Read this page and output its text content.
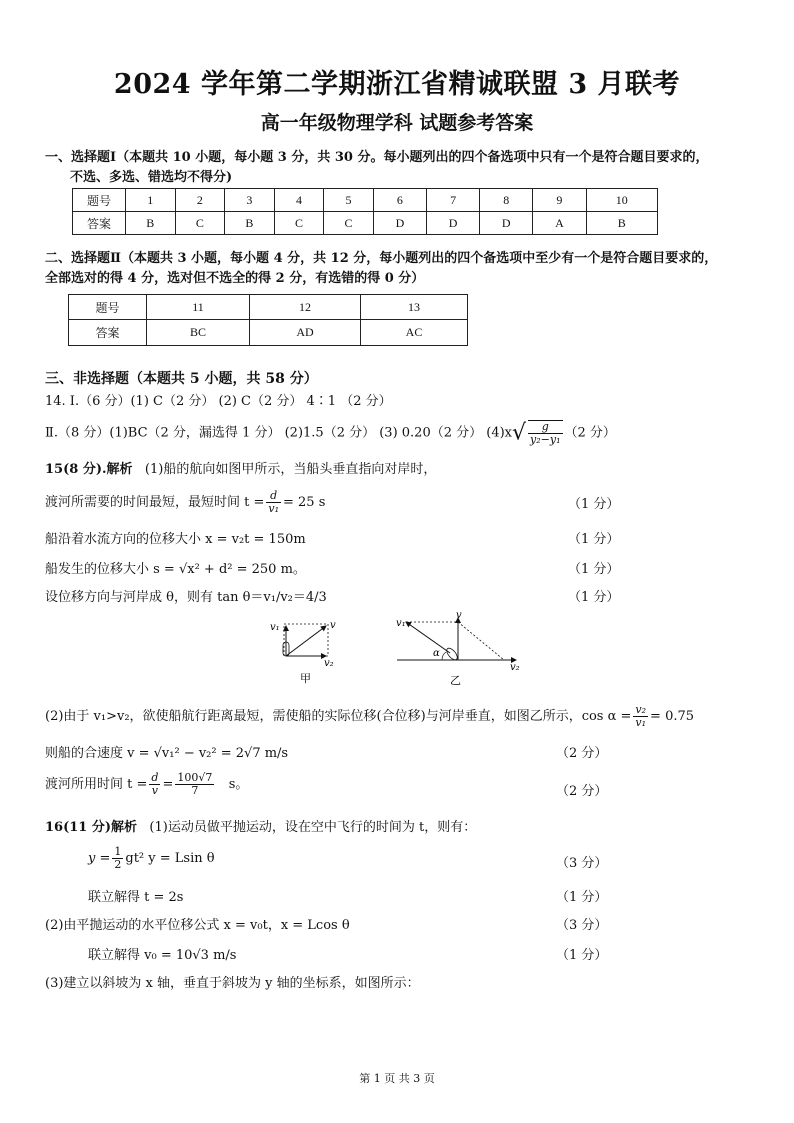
2024 学年第二学期浙江省精诚联盟 3 月联考
高一年级物理学科 试题参考答案
一、选择题Ⅰ（本题共 10 小题，每小题 3 分，共 30 分。每小题列出的四个备选项中只有一个是符合题目要求的，
不选、多选、错选均不得分)
题号	1	2	3	4	5	6	7	8	9	10
答案	B	C	B	C	C	D	D	D	A	B
二、选择题Ⅱ（本题共 3 小题，每小题 4 分，共 12 分，每小题列出的四个备选项中至少有一个是符合题目要求的，
全部选对的得 4 分，选对但不选全的得 2 分，有选错的得 0 分）
题号	11	12	13
答案	BC	AD	AC
三、非选择题（本题共 5 小题，共 58 分）
14. Ⅰ.（6 分）(1) C（2 分） (2) C（2 分） 4∶1 （2 分）
Ⅱ.（8 分）(1)BC（2 分，漏选得 1 分） (2)1.5（2 分） (3) 0.20（2 分） $(4)x√ \frac{g}{\text{y₂−y₁}} (2$ 分）
15(8 分).解析 (1)船的航向如图甲所示，当船头垂直指向对岸时，
渡河所需要的时间最短，最短时间 $t = \frac{d}{\text{v₁}} = 25$ s	（1 分）
船沿着水流方向的位移大小 x = v₂t = 150m	（1 分）
船发生的位移大小 s = √x² + d² = 250 m。	（1 分）
设位移方向与河岸成 θ，则有 tan θ＝v₁/v₂＝4/3	（1 分）
v₁	v
v₂
甲
v₁
v
v₂
α
乙
(2)由于 v₁>v₂，欲使船航行距离最短，需使船的实际位移(合位移)与河岸垂直，如图乙所示，$\cos \alpha = \frac{\text{v₂}}{\text{v₁}} = 0.75$
则船的合速度 v = √v₁² − v₂² = 2√7 m/s	（2 分）
渡河所用时间 $t = \frac{d}{v} = \frac{100√7}{7}$ s。	（2 分）
16(11 分)解析 (1)运动员做平抛运动，设在空中飞行的时间为 t，则有：
$y = \frac{1}{2} gt^2$ y = Lsin θ	（3 分）
联立解得 t = 2s	（1 分）
(2)由平抛运动的水平位移公式 x = v₀t，x = Lcos θ	（3 分）
联立解得 v₀ = 10√3 m/s	（1 分）
(3)建立以斜坡为 x 轴，垂直于斜坡为 y 轴的坐标系，如图所示：
第 1 页 共 3 页
